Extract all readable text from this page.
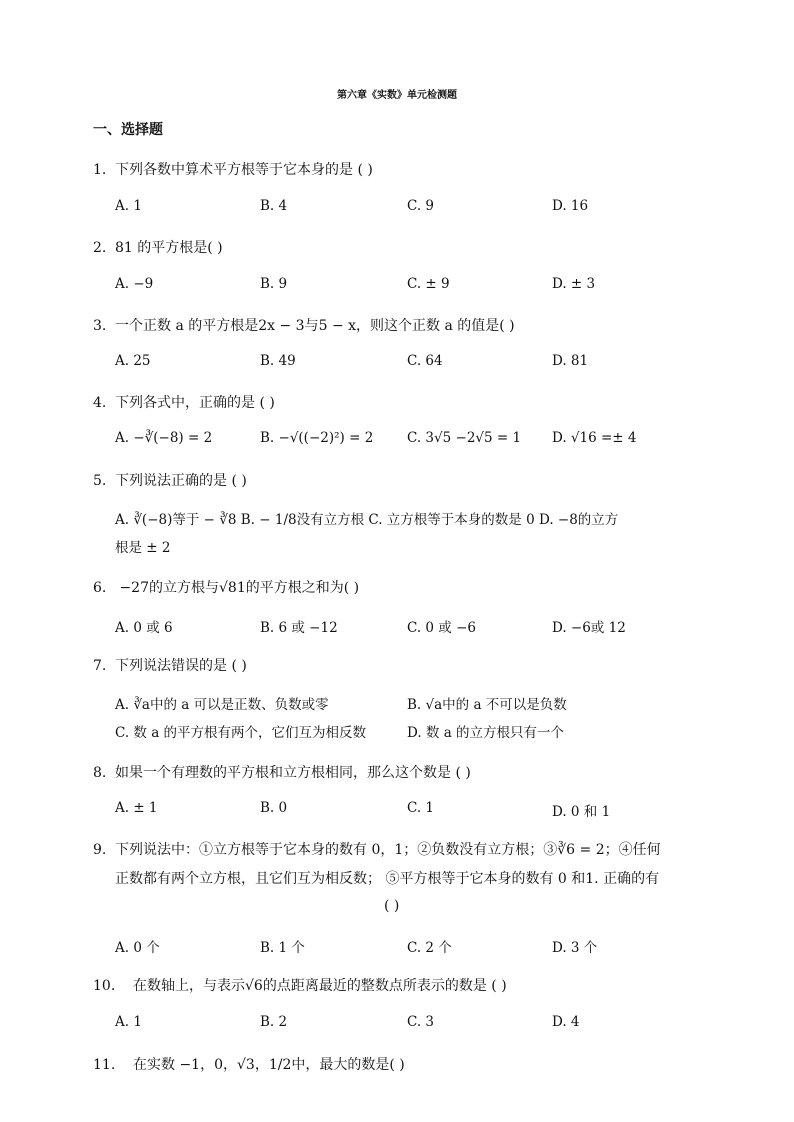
第六章《实数》单元检测题
一、选择题
1. 下列各数中算术平方根等于它本身的是 ( )
A. 1	B. 4	C. 9	D. 16
2. 81 的平方根是( )
A. −9	B. 9	C. ± 9	D. ± 3
3. 一个正数 a 的平方根是2x − 3与5 − x，则这个正数 a 的值是( )
A. 25	B. 49	C. 64	D. 81
4. 下列各式中，正确的是 ( )
A. −∛(−8) = 2	B. −√((−2)²) = 2 C. 3√5 −2√5 = 1 D. √16 =± 4
5. 下列说法正确的是 ( )
A. ∛(−8)等于 − ∛8 B. − 1/8没有立方根 C. 立方根等于本身的数是 0 D. −8的立方
根是 ± 2
6. −27的立方根与√81的平方根之和为( )
A. 0 或 6	B. 6 或 −12	C. 0 或 −6	D. −6或 12
7. 下列说法错误的是 ( )
A. ∛a中的 a 可以是正数、负数或零	B. √a中的 a 不可以是负数
C. 数 a 的平方根有两个，它们互为相反数	D. 数 a 的立方根只有一个
8. 如果一个有理数的平方根和立方根相同，那么这个数是 ( )
A. ± 1	B. 0	C. 1	D. 0 和 1
9. 下列说法中：①立方根等于它本身的数有 0，1；②负数没有立方根；③∛6 = 2；④任何
正数都有两个立方根，且它们互为相反数； ⑤平方根等于它本身的数有 0 和1. 正确的有
( )
A. 0 个	B. 1 个	C. 2 个	D. 3 个
10. 在数轴上，与表示√6的点距离最近的整数点所表示的数是 ( )
A. 1	B. 2	C. 3	D. 4
11. 在实数 −1，0，√3，1/2中，最大的数是( )
